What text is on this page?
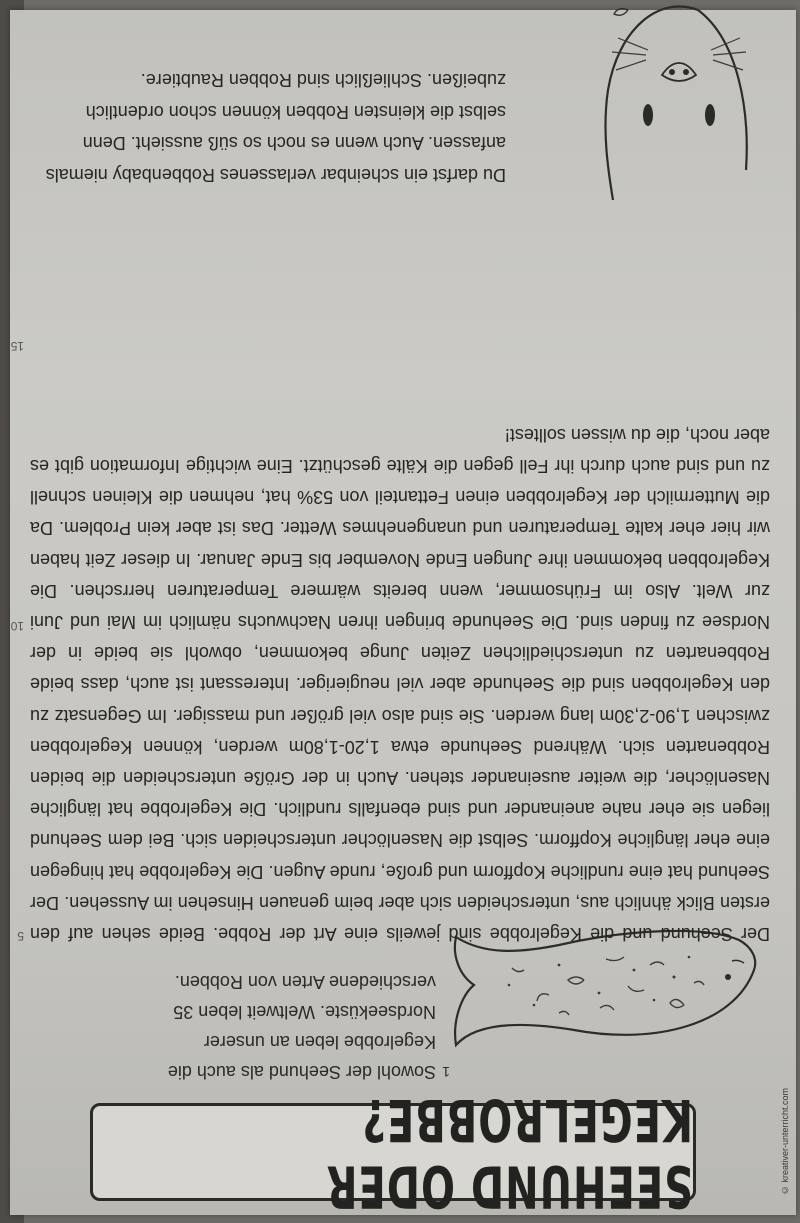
© kreativer-unterricht.com
SEEHUND ODER KEGELROBBE?
1
Sowohl der Seehund als auch die
Kegelrobbe leben an unserer
Nordseeküste. Weltweit leben 35
verschiedene Arten von Robben.

Der Seehund und die Kegelrobbe sind jeweils eine Art der Robbe. Beide sehen auf den ersten Blick ähnlich aus, unterscheiden sich aber beim genauen Hinsehen im Aussehen. Der Seehund hat eine rundliche Kopfform und große, runde Augen. Die Kegelrobbe hat hingegen eine eher längliche Kopfform. Selbst die Nasenlöcher unterscheiden sich. Bei dem Seehund liegen sie eher nahe aneinander und sind ebenfalls rundlich. Die Kegelrobbe hat längliche Nasenlöcher, die weiter auseinander stehen. Auch in der Größe unterscheiden die beiden Robbenarten sich. Während Seehunde etwa 1,20-1,80m werden, können Kegelrobben zwischen 1,90-2,30m lang werden. Sie sind also viel größer und massiger. Im Gegensatz zu den Kegelrobben sind die Seehunde aber viel neugieriger. Interessant ist auch, dass beide Robbenarten zu unterschiedlichen Zeiten Junge bekommen, obwohl sie beide in der Nordsee zu finden sind. Die Seehunde bringen ihren Nachwuchs nämlich im Mai und Juni zur Welt. Also im Frühsommer, wenn bereits wärmere Temperaturen herrschen. Die Kegelrobben bekommen ihre Jungen Ende November bis Ende Januar. In dieser Zeit haben wir hier eher kalte Temperaturen und unangenehmes Wetter. Das ist aber kein Problem. Da die Muttermilch der Kegelrobben einen Fettanteil von 53% hat, nehmen die Kleinen schnell zu und sind auch durch ihr Fell gegen die Kälte geschützt. Eine wichtige Information gibt es aber noch, die du wissen solltest!

Du darfst ein scheinbar verlassenes Robbenbaby niemals anfassen. Auch wenn es noch so süß aussieht. Denn selbst die kleinsten Robben können schon ordentlich zubeißen. Schließlich sind Robben Raubtiere.

5
10
15
